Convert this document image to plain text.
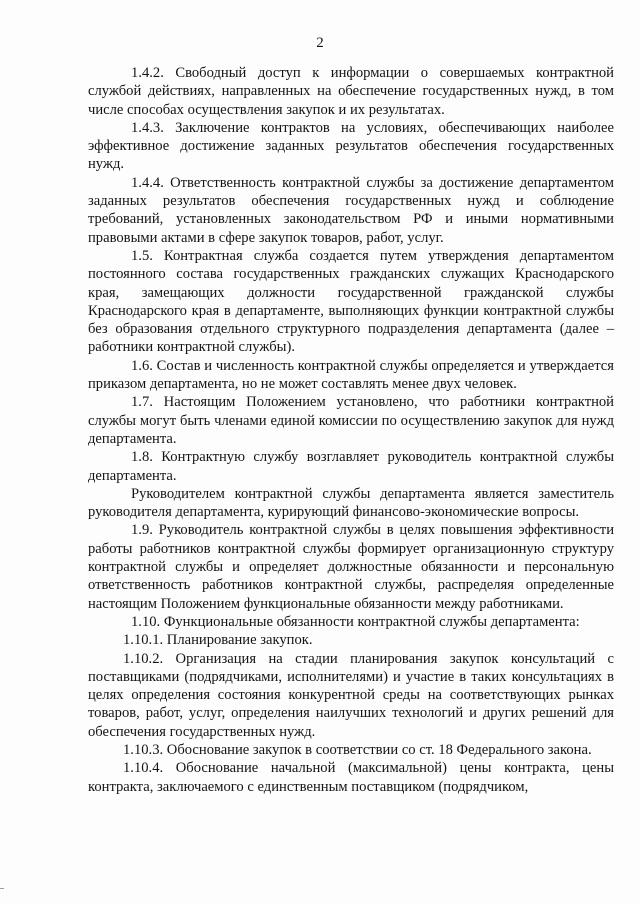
2

1.4.2. Свободный доступ к информации о совершаемых контрактной службой действиях, направленных на обеспечение государственных нужд, в том числе способах осуществления закупок и их результатах.

1.4.3. Заключение контрактов на условиях, обеспечивающих наиболее эффективное достижение заданных результатов обеспечения государственных нужд.

1.4.4. Ответственность контрактной службы за достижение департаментом заданных результатов обеспечения государственных нужд и соблюдение требований, установленных законодательством РФ и иными нормативными правовыми актами в сфере закупок товаров, работ, услуг.

1.5. Контрактная служба создается путем утверждения департаментом постоянного состава государственных гражданских служащих Краснодарского края, замещающих должности государственной гражданской службы Краснодарского края в департаменте, выполняющих функции контрактной службы без образования отдельного структурного подразделения департамента (далее – работники контрактной службы).

1.6. Состав и численность контрактной службы определяется и утверждается приказом департамента, но не может составлять менее двух человек.

1.7. Настоящим Положением установлено, что работники контрактной службы могут быть членами единой комиссии по осуществлению закупок для нужд департамента.

1.8. Контрактную службу возглавляет руководитель контрактной службы департамента.

Руководителем контрактной службы департамента является заместитель руководителя департамента, курирующий финансово-экономические вопросы.

1.9. Руководитель контрактной службы в целях повышения эффективности работы работников контрактной службы формирует организационную структуру контрактной службы и определяет должностные обязанности и персональную ответственность работников контрактной службы, распределяя определенные настоящим Положением функциональные обязанности между работниками.

1.10. Функциональные обязанности контрактной службы департамента:

1.10.1. Планирование закупок.

1.10.2. Организация на стадии планирования закупок консультаций с поставщиками (подрядчиками, исполнителями) и участие в таких консультациях в целях определения состояния конкурентной среды на соответствующих рынках товаров, работ, услуг, определения наилучших технологий и других решений для обеспечения государственных нужд.

1.10.3. Обоснование закупок в соответствии со ст. 18 Федерального закона.

1.10.4. Обоснование начальной (максимальной) цены контракта, цены контракта, заключаемого с единственным поставщиком (подрядчиком,
